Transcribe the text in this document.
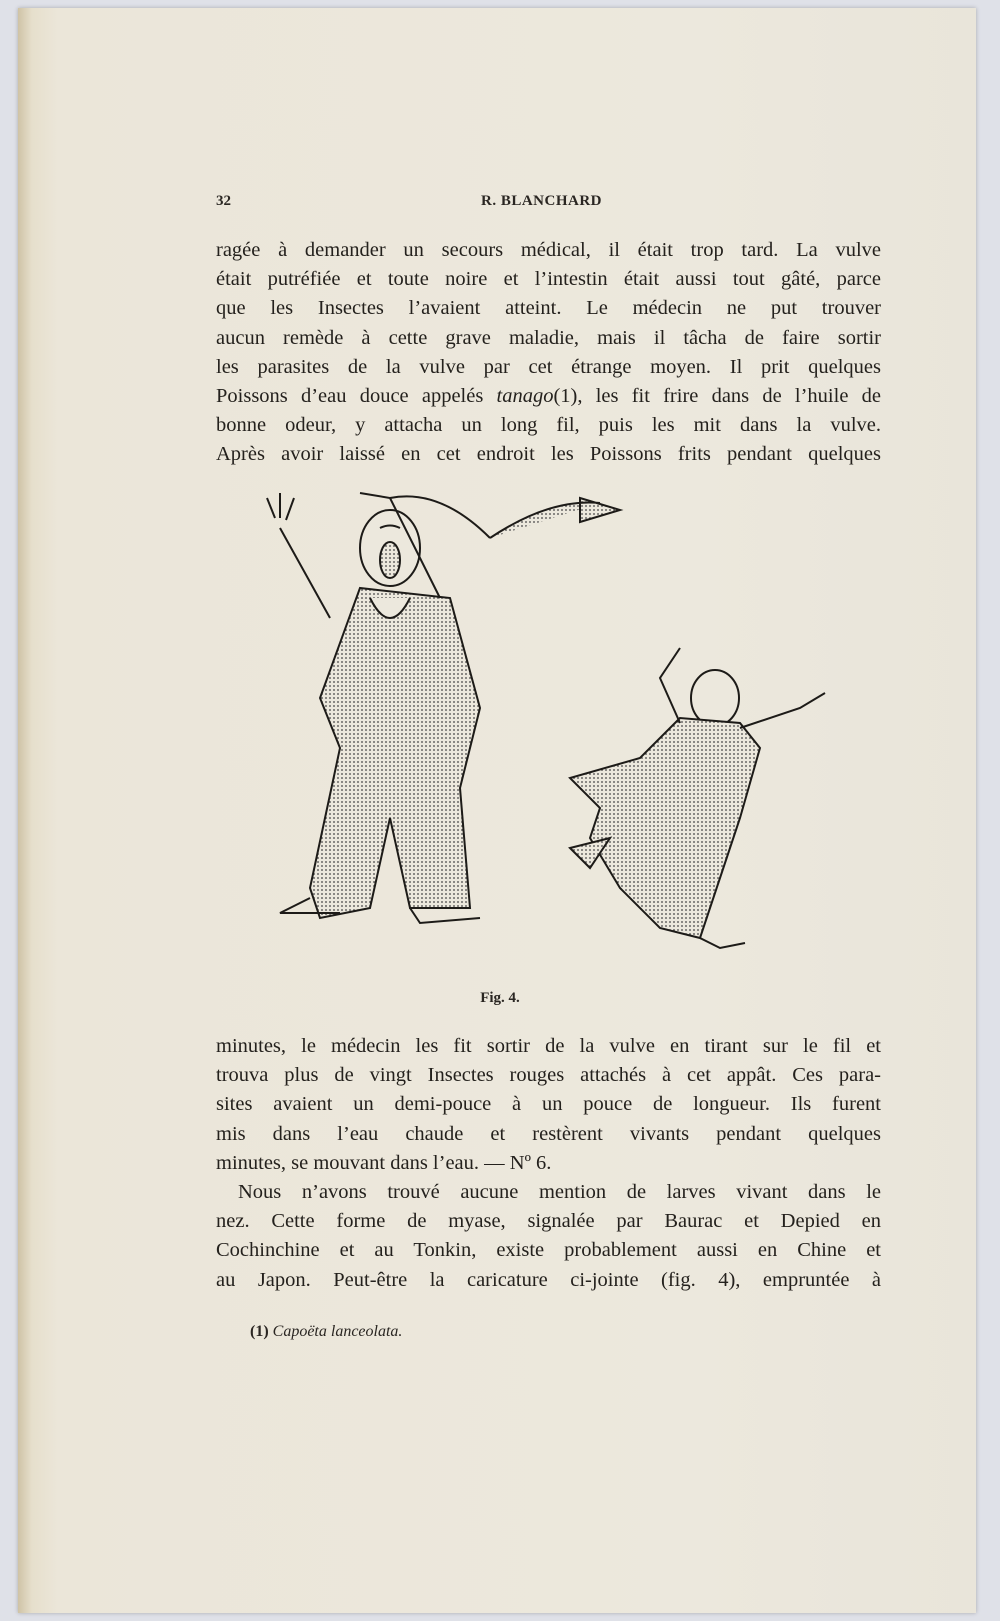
32	R. BLANCHARD
ragée à demander un secours médical, il était trop tard. La vulve
était putréfiée et toute noire et l’intestin était aussi tout gâté, parce
que les Insectes l’avaient atteint. Le médecin ne put trouver
aucun remède à cette grave maladie, mais il tâcha de faire sortir
les parasites de la vulve par cet étrange moyen. Il prit quelques
Poissons d’eau douce appelés tanago(1), les fit frire dans de l’huile de
bonne odeur, y attacha un long fil, puis les mit dans la vulve.
Après avoir laissé en cet endroit les Poissons frits pendant quelques
Fig. 4.
minutes, le médecin les fit sortir de la vulve en tirant sur le fil et
trouva plus de vingt Insectes rouges attachés à cet appât. Ces para-
sites avaient un demi-pouce à un pouce de longueur. Ils furent
mis dans l’eau chaude et restèrent vivants pendant quelques
minutes, se mouvant dans l’eau. — Nº 6.
Nous n’avons trouvé aucune mention de larves vivant dans le
nez. Cette forme de myase, signalée par Baurac et Depied en
Cochinchine et au Tonkin, existe probablement aussi en Chine et
au Japon. Peut-être la caricature ci-jointe (fig. 4), empruntée à
(1) Capoëta lanceolata.
